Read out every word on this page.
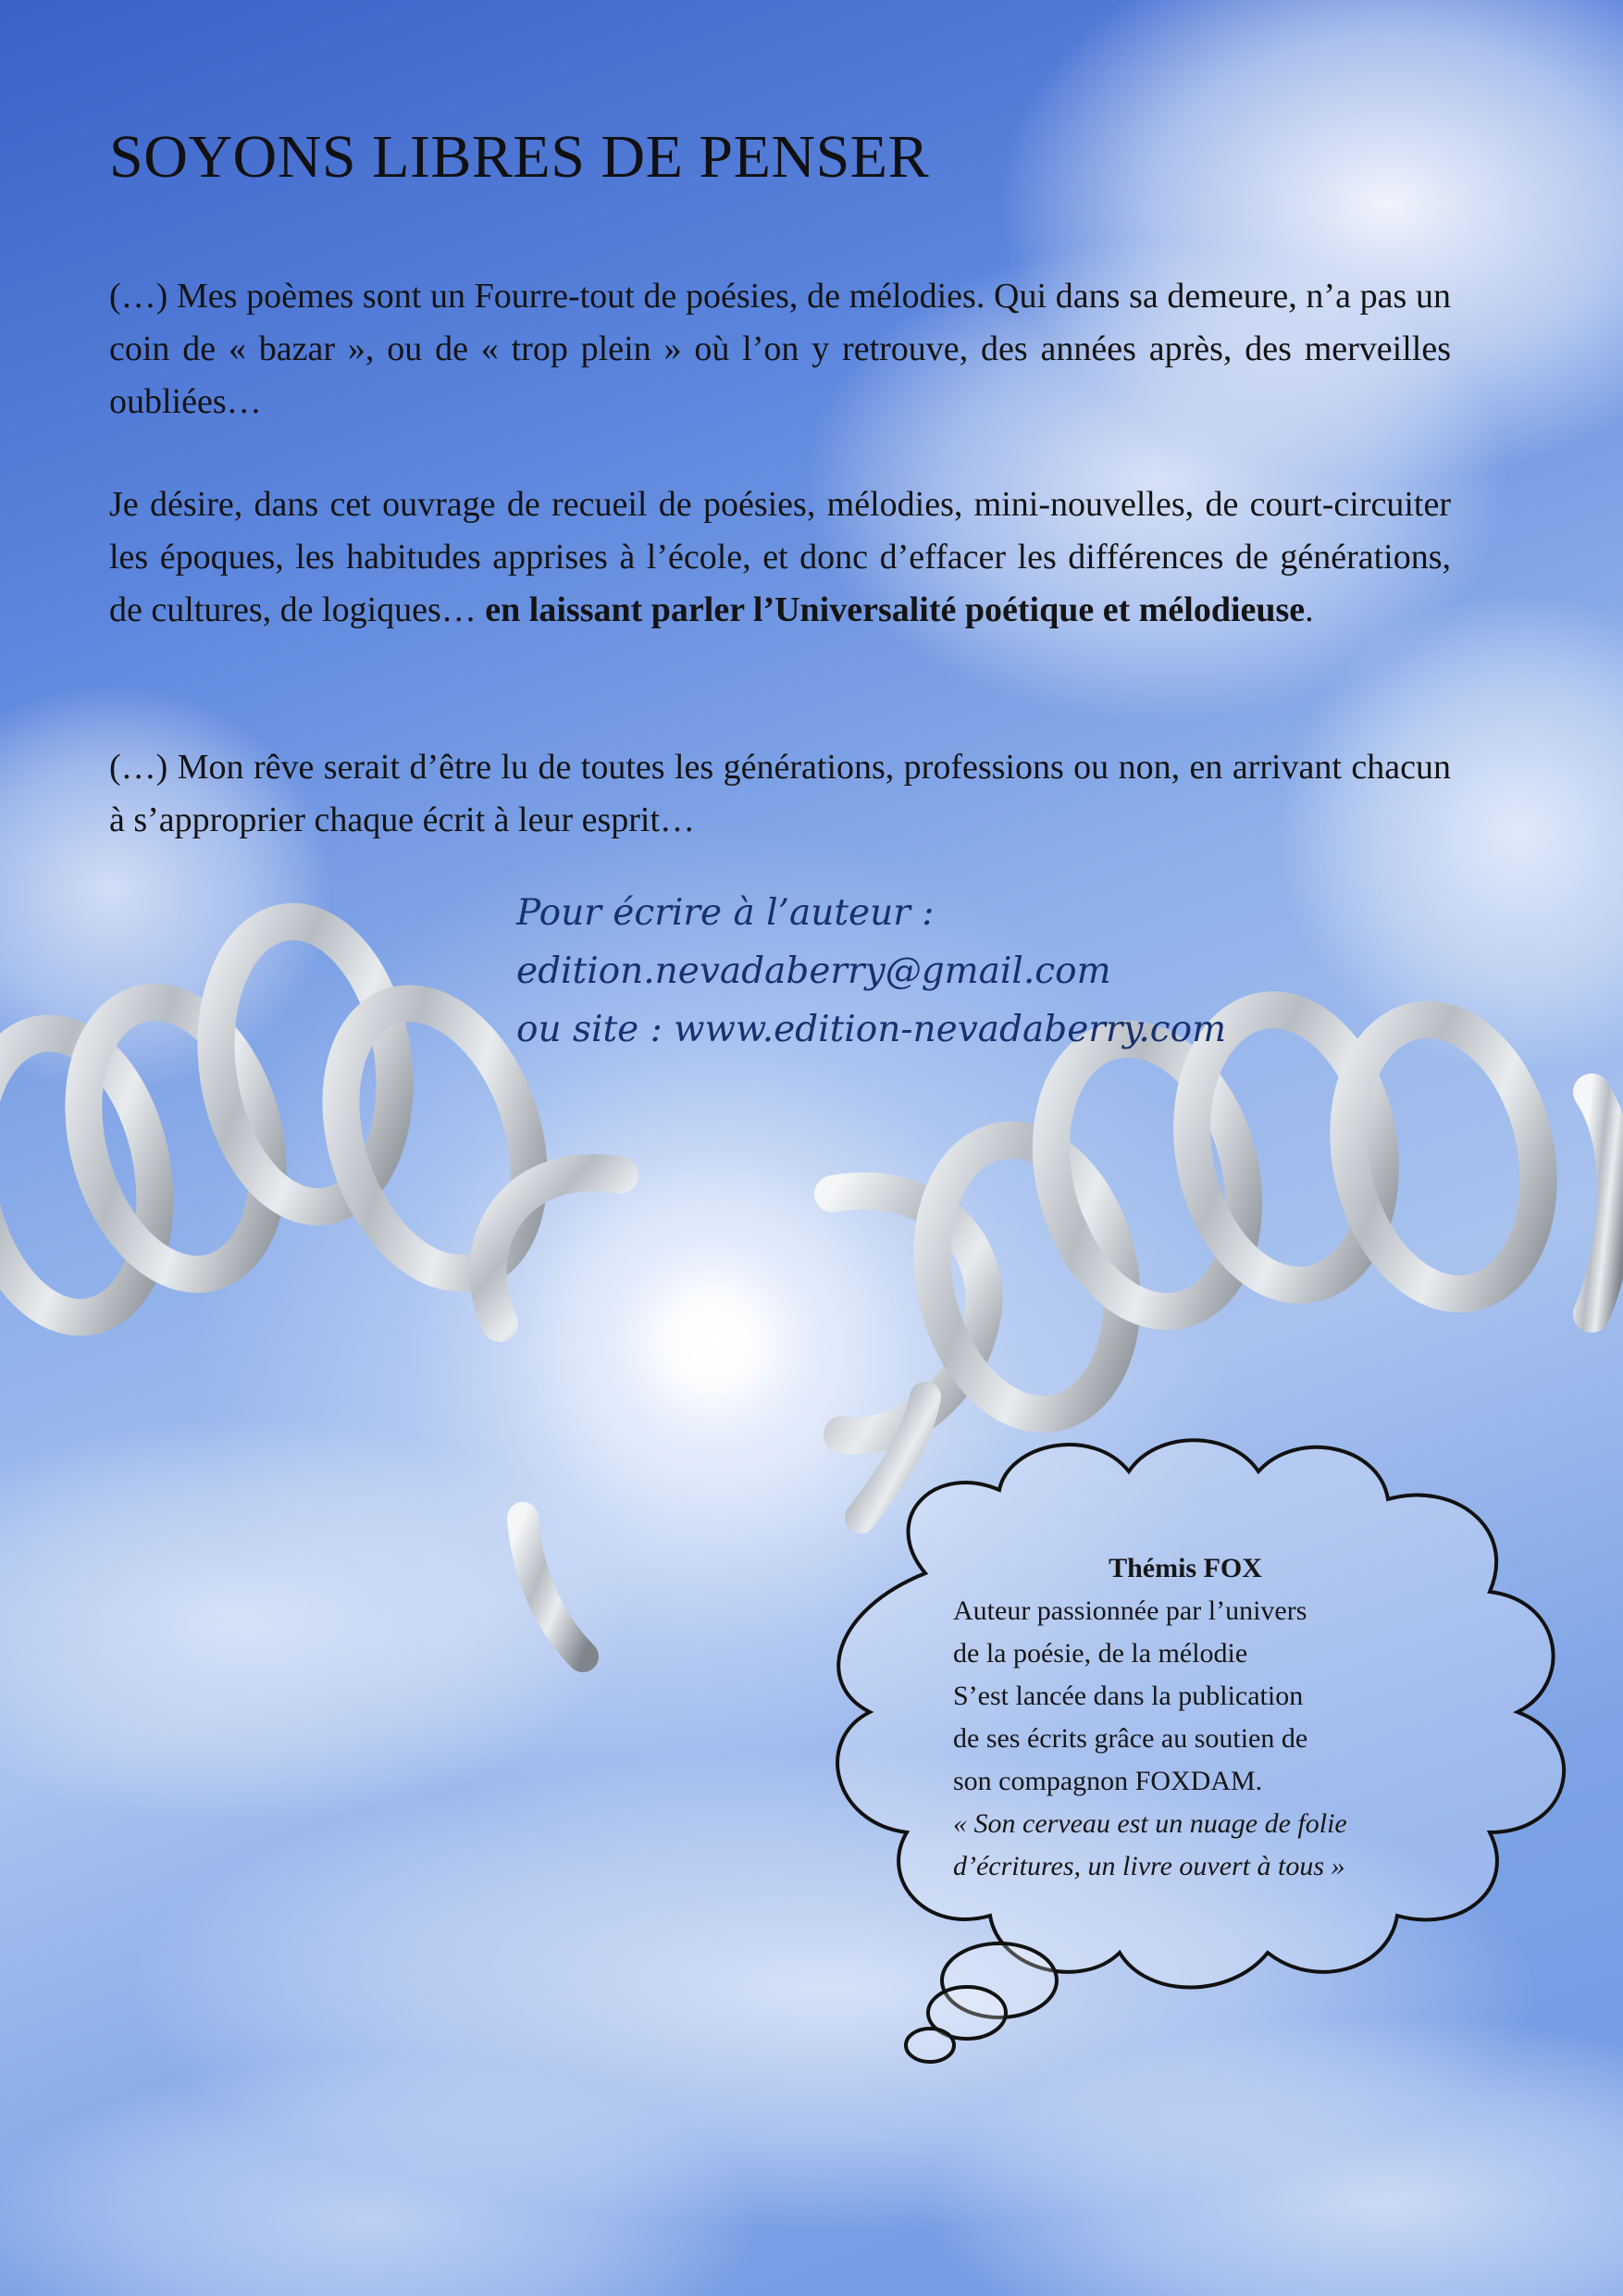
SOYONS LIBRES DE PENSER

(…) Mes poèmes sont un Fourre-tout de poésies, de mélodies. Qui dans sa demeure, n’a pas un coin de « bazar », ou de « trop plein » où l’on y retrouve, des années après, des merveilles oubliées…

Je désire, dans cet ouvrage de recueil de poésies, mélodies, mini-nouvelles, de court-circuiter les époques, les habitudes apprises à l’école, et donc d’effacer les différences de générations, de cultures, de logiques… en laissant parler l’Universalité poétique et mélodieuse.

(…) Mon rêve serait d’être lu de toutes les générations, professions ou non, en arrivant chacun à s’approprier chaque écrit à leur esprit…

Pour écrire à l’auteur :
edition.nevadaberry@gmail.com
ou site : www.edition-nevadaberry.com
Thémis FOX
Auteur passionnée par l’univers
de la poésie, de la mélodie
S’est lancée dans la publication
de ses écrits grâce au soutien de
son compagnon FOXDAM.
« Son cerveau est un nuage de folie
d’écritures, un livre ouvert à tous »
